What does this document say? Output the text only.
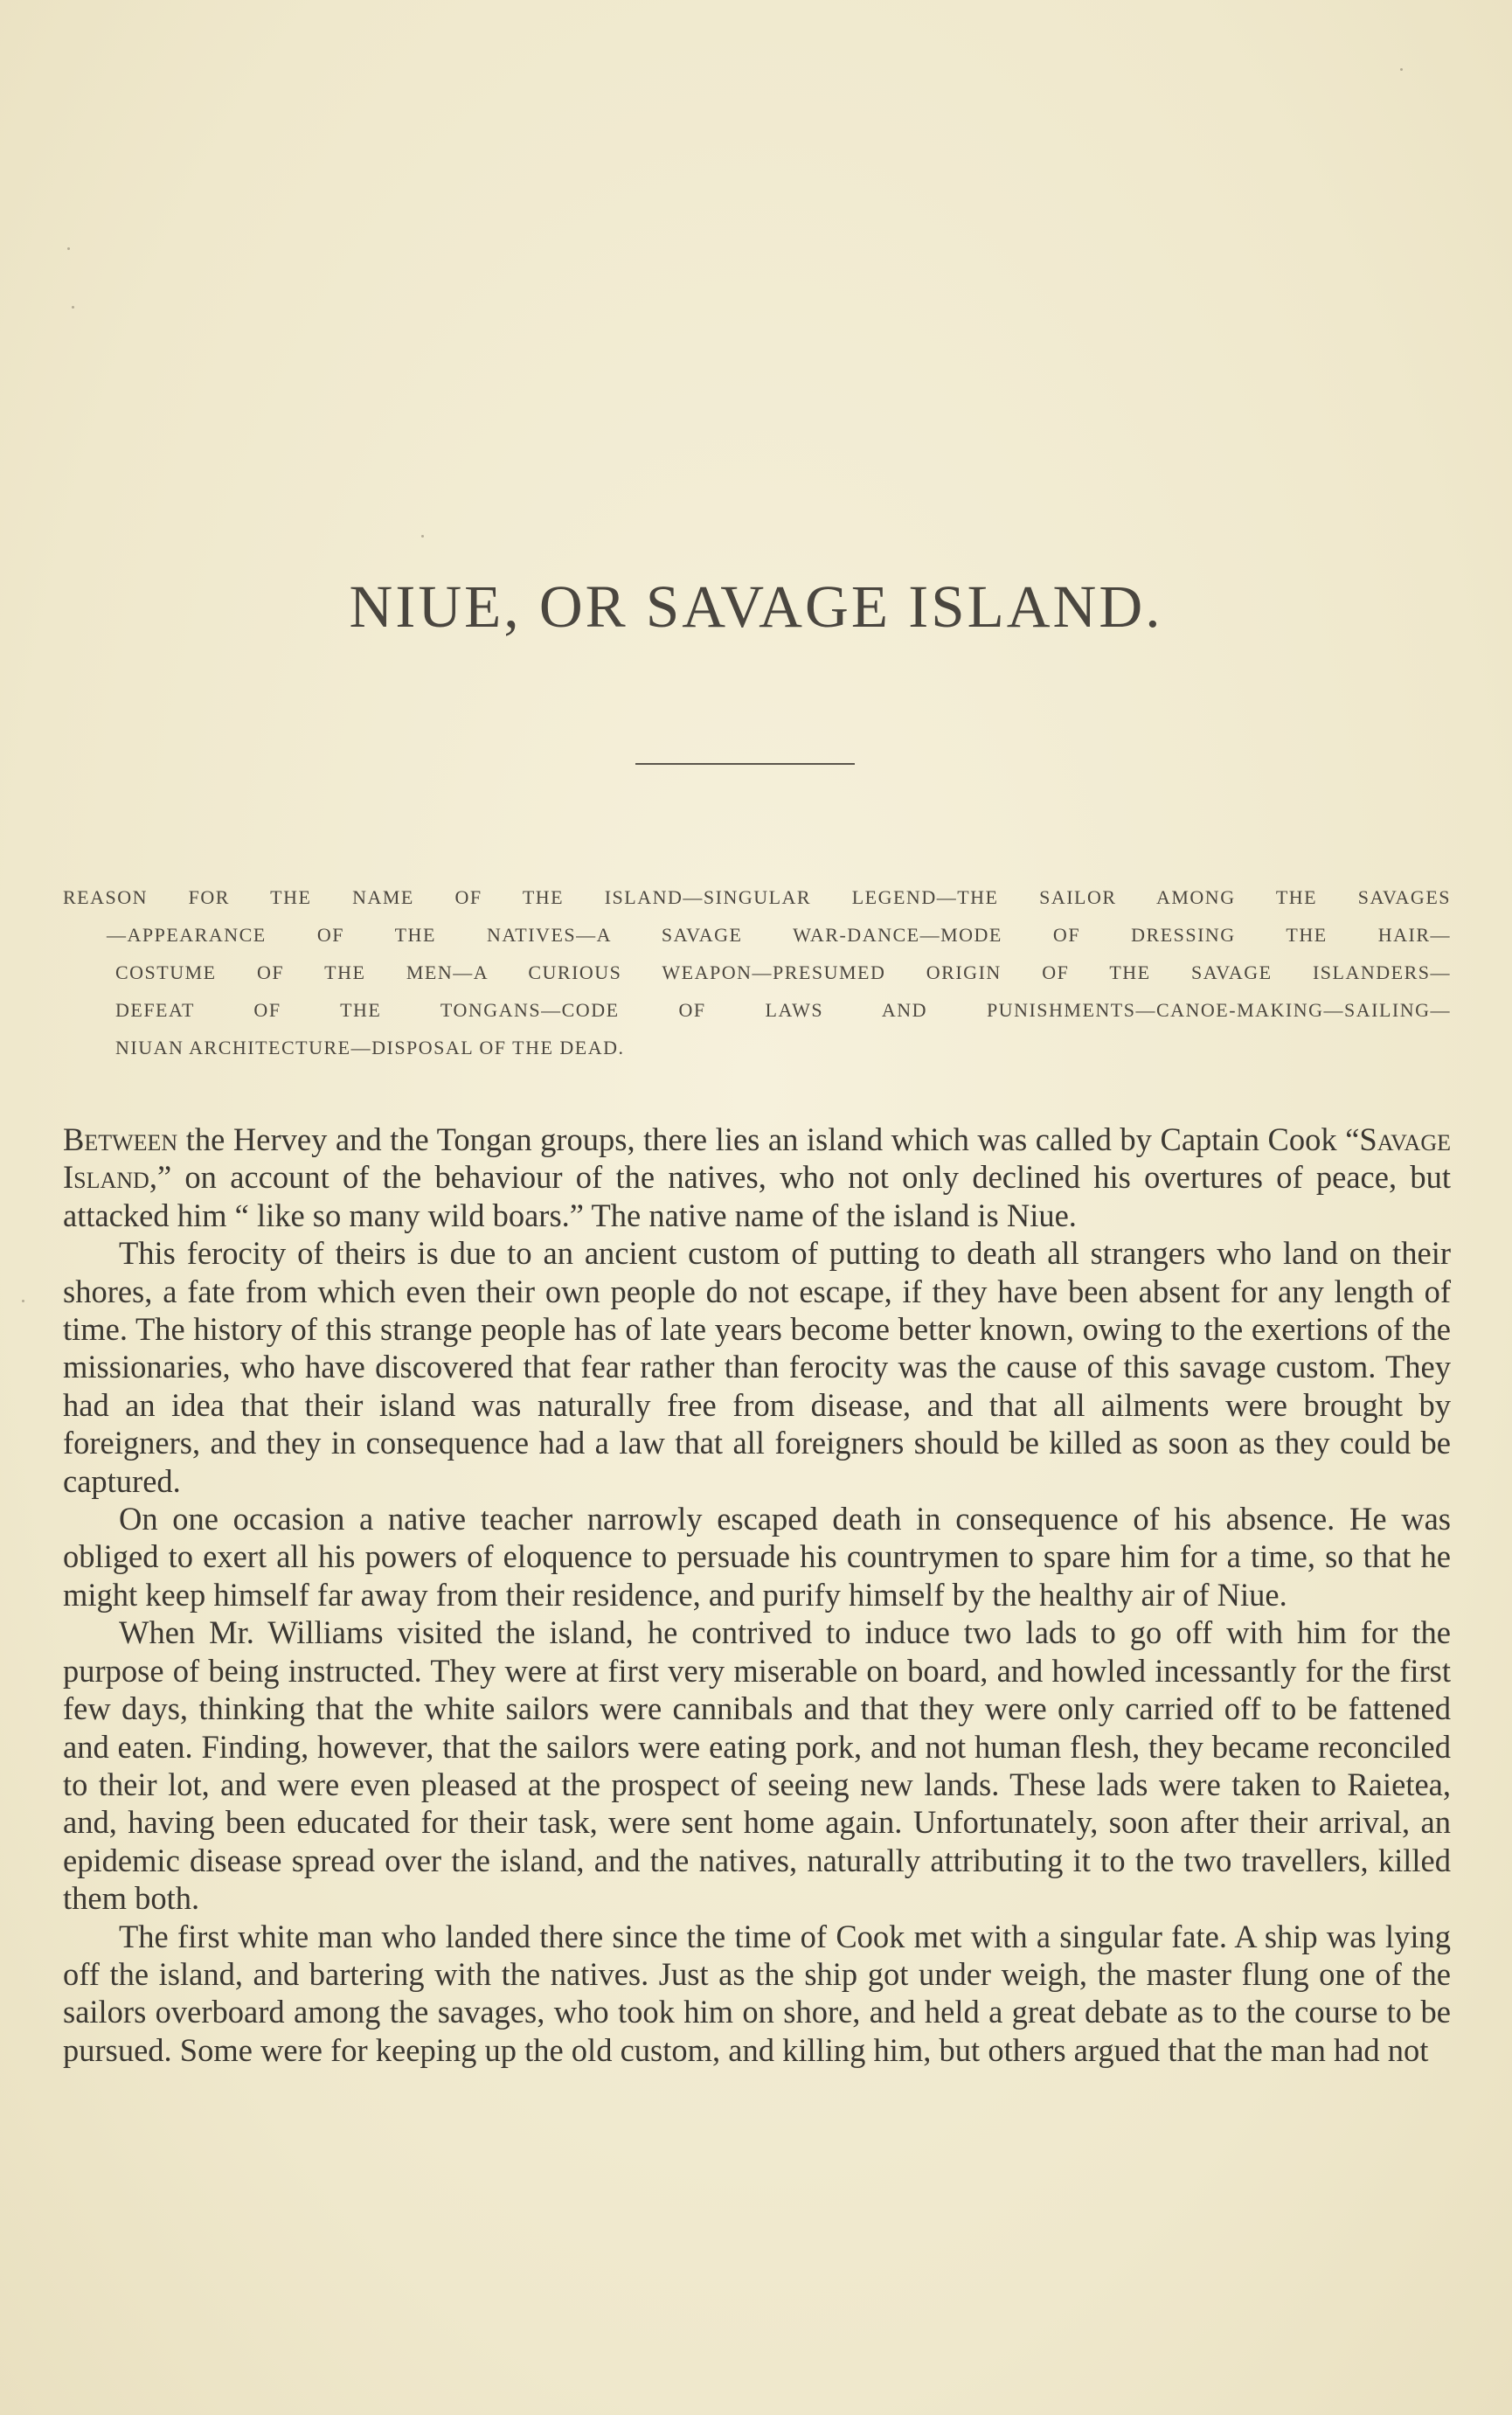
NIUE, OR SAVAGE ISLAND.
REASON FOR THE NAME OF THE ISLAND—SINGULAR LEGEND—THE SAILOR AMONG THE SAVAGES
—APPEARANCE OF THE NATIVES—A SAVAGE WAR-DANCE—MODE OF DRESSING THE HAIR—
COSTUME OF THE MEN—A CURIOUS WEAPON—PRESUMED ORIGIN OF THE SAVAGE ISLANDERS—
DEFEAT OF THE TONGANS—CODE OF LAWS AND PUNISHMENTS—CANOE-MAKING—SAILING—
NIUAN ARCHITECTURE—DISPOSAL OF THE DEAD.

Between the Hervey and the Tongan groups, there lies an island which was called by Captain Cook “Savage Island,” on account of the behaviour of the natives, who not only declined his overtures of peace, but attacked him “ like so many wild boars.” The native name of the island is Niue.

This ferocity of theirs is due to an ancient custom of putting to death all strangers who land on their shores, a fate from which even their own people do not escape, if they have been absent for any length of time. The history of this strange people has of late years become better known, owing to the exertions of the missionaries, who have discovered that fear rather than ferocity was the cause of this savage custom. They had an idea that their island was naturally free from disease, and that all ailments were brought by foreigners, and they in consequence had a law that all foreigners should be killed as soon as they could be captured.

On one occasion a native teacher narrowly escaped death in consequence of his absence. He was obliged to exert all his powers of eloquence to persuade his countrymen to spare him for a time, so that he might keep himself far away from their residence, and purify himself by the healthy air of Niue.

When Mr. Williams visited the island, he contrived to induce two lads to go off with him for the purpose of being instructed. They were at first very miserable on board, and howled incessantly for the first few days, thinking that the white sailors were cannibals and that they were only carried off to be fattened and eaten. Finding, however, that the sailors were eating pork, and not human flesh, they became reconciled to their lot, and were even pleased at the prospect of seeing new lands. These lads were taken to Raietea, and, having been educated for their task, were sent home again. Unfortunately, soon after their arrival, an epidemic disease spread over the island, and the natives, naturally attributing it to the two travellers, killed them both.

The first white man who landed there since the time of Cook met with a singular fate. A ship was lying off the island, and bartering with the natives. Just as the ship got under weigh, the master flung one of the sailors overboard among the savages, who took him on shore, and held a great debate as to the course to be pursued. Some were for keeping up the old custom, and killing him, but others argued that the man had not
